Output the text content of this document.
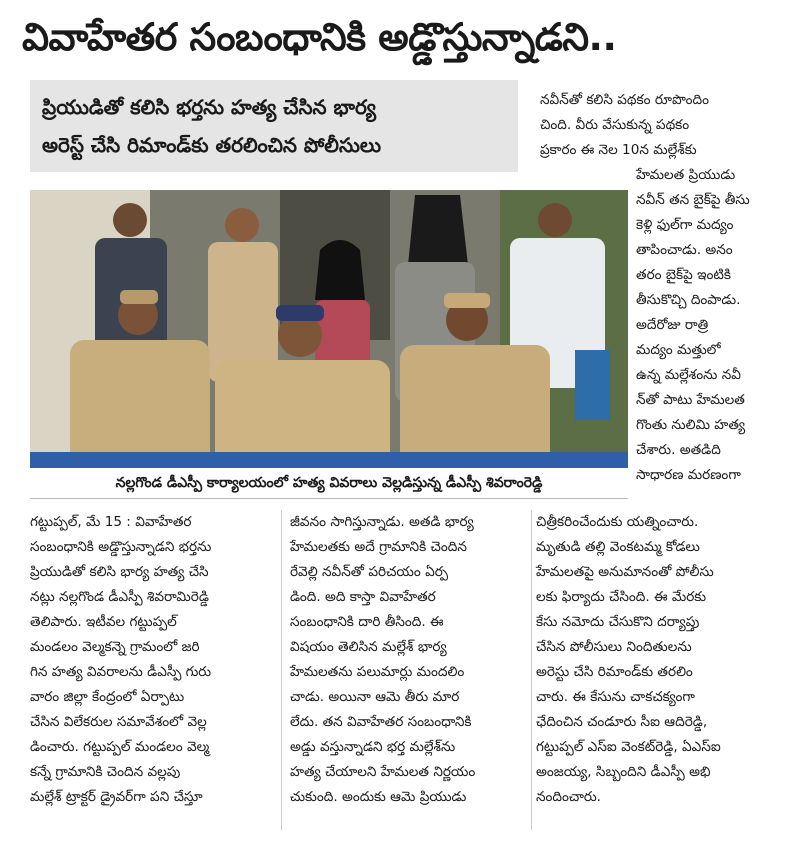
వివాహేతర సంబంధానికి అడ్డొస్తున్నాడని..
ప్రియుడితో కలిసి భర్తను హత్య చేసిన భార్య
అరెస్ట్ చేసి రిమాండ్‌కు తరలించిన పోలీసులు

నవీన్‌తో కలిసి పథకం రూపొందిం

చింది. వీరు వేసుకున్న పథకం

ప్రకారం ఈ నెల 10న మల్లేశ్‌కు

హేమలత ప్రియుడు

నవీన్ తన బైక్‌పై తీసు

కెళ్లి ఫుల్‌గా మద్యం

తాపించాడు. అనం

తరం బైక్‌పై ఇంటికి

తీసుకొచ్చి దింపాడు.

అదేరోజు రాత్రి

మద్యం మత్తులో

ఉన్న మల్లేశంను నవీ

న్‌తో పాటు హేమలత

గొంతు నులిమి హత్య

చేశారు. అతడిది

సాధారణ మరణంగా

నల్లగొండ డీఎస్పీ కార్యాలయంలో హత్య వివరాలు వెల్లడిస్తున్న డీఎస్పీ శివరాంరెడ్డి

గట్టుప్పల్, మే 15 : వివాహేతర

సంబంధానికి అడ్డొస్తున్నాడని భర్తను

ప్రియుడితో కలిసి భార్య హత్య చేసి

నట్లు నల్లగొండ డీఎస్పీ శివరామిరెడ్డి

తెలిపారు. ఇటీవల గట్టుప్పల్

మండలం వెల్మకన్నె గ్రామంలో జరి

గిన హత్య వివరాలను డీఎస్పీ గురు

వారం జిల్లా కేంద్రంలో ఏర్పాటు

చేసిన విలేకరుల సమావేశంలో వెల్ల

డించారు. గట్టుప్పల్ మండలం వెల్మ

కన్నే గ్రామానికి చెందిన వల్లపు

మల్లేశ్ ట్రాక్టర్ డ్రైవర్‌గా పని చేస్తూ

జీవనం సాగిస్తున్నాడు. అతడి భార్య

హేమలతకు అదే గ్రామానికి చెందిన

రేవెల్లి నవీన్‌తో పరిచయం ఏర్ప

డింది. అది కాస్తా వివాహేతర

సంబంధానికి దారి తీసింది. ఈ

విషయం తెలిసిన మల్లేశ్ భార్య

హేమలతను పలుమార్లు మందలిం

చాడు. అయినా ఆమె తీరు మార

లేదు. తన వివాహేతర సంబంధానికి

అడ్డు వస్తున్నాడని భర్త మల్లేశ్‌ను

హత్య చేయాలని హేమలత నిర్ణయం

చుకుంది. అందుకు ఆమె ప్రియుడు

చిత్రీకరించేందుకు యత్నించారు.

మృతుడి తల్లి వెంకటమ్మ కోడలు

హేమలతపై అనుమానంతో పోలీసు

లకు ఫిర్యాదు చేసింది. ఈ మేరకు

కేసు నమోదు చేసుకొని దర్యాప్తు

చేసిన పోలీసులు నిందితులను

అరెస్టు చేసి రిమాండ్‌కు తరలిం

చారు. ఈ కేసును చాకచక్యంగా

ఛేదించిన చండూరు సీఐ ఆదిరెడ్డి,

గట్టుప్పల్ ఎస్ఐ వెంకట్‌రెడ్డి, ఏఎస్ఐ

అంజయ్య, సిబ్బందిని డీఎస్పీ అభి

నందించారు.
